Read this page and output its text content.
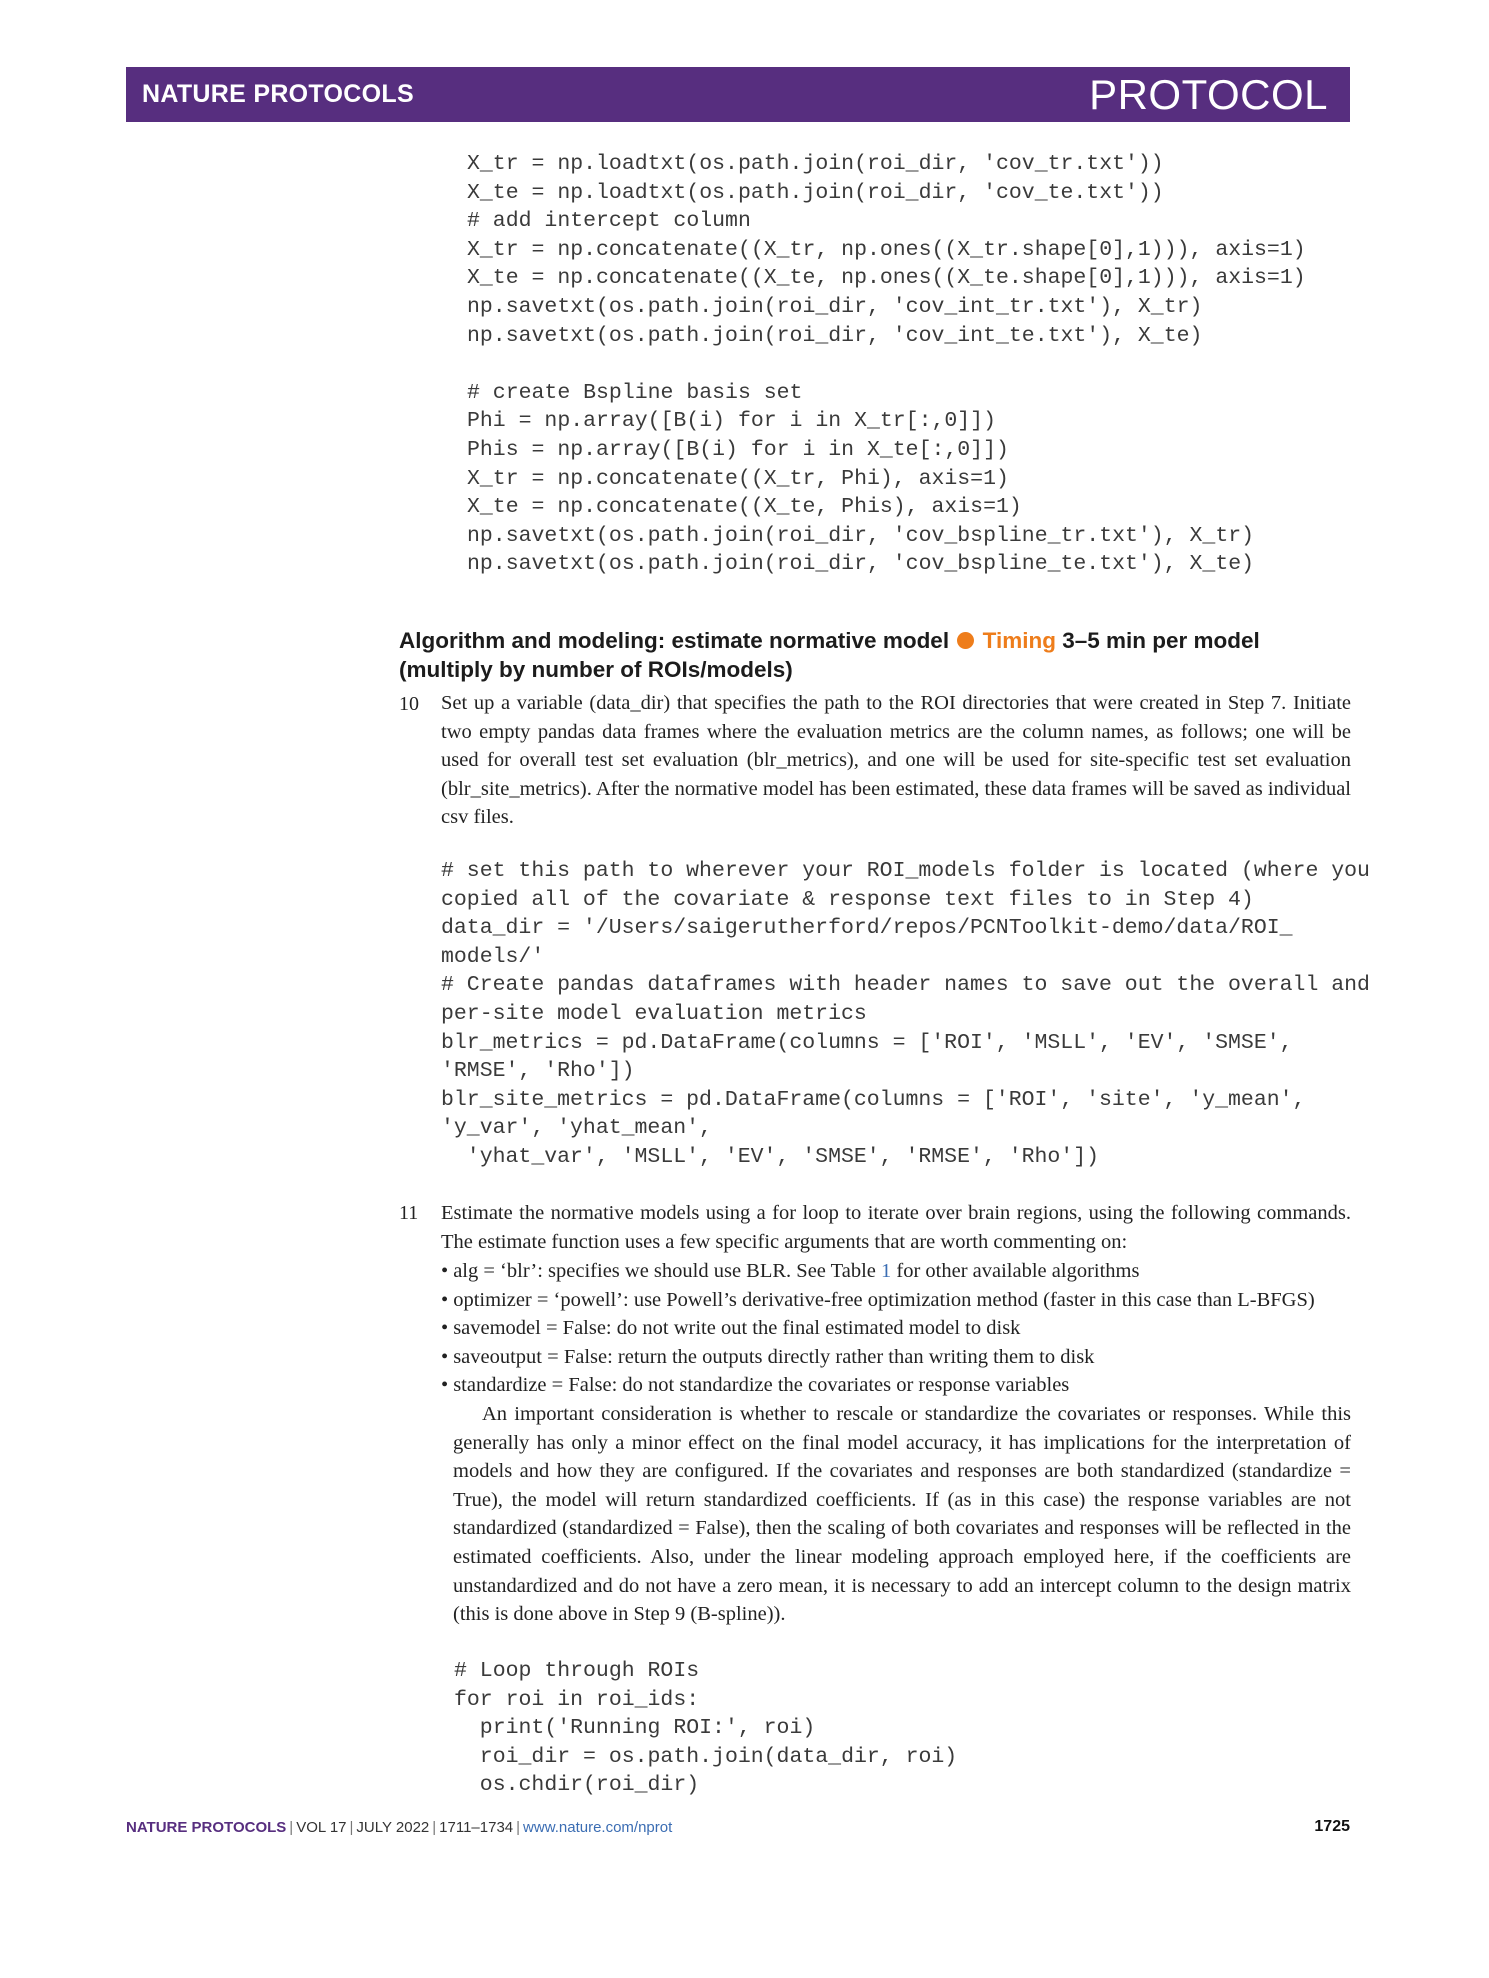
NATURE PROTOCOLS	PROTOCOL
X_tr = np.loadtxt(os.path.join(roi_dir, 'cov_tr.txt'))
X_te = np.loadtxt(os.path.join(roi_dir, 'cov_te.txt'))
# add intercept column
X_tr = np.concatenate((X_tr, np.ones((X_tr.shape[0],1))), axis=1)
X_te = np.concatenate((X_te, np.ones((X_te.shape[0],1))), axis=1)
np.savetxt(os.path.join(roi_dir, 'cov_int_tr.txt'), X_tr)
np.savetxt(os.path.join(roi_dir, 'cov_int_te.txt'), X_te)
# create Bspline basis set
Phi = np.array([B(i) for i in X_tr[:,0]])
Phis = np.array([B(i) for i in X_te[:,0]])
X_tr = np.concatenate((X_tr, Phi), axis=1)
X_te = np.concatenate((X_te, Phis), axis=1)
np.savetxt(os.path.join(roi_dir, 'cov_bspline_tr.txt'), X_tr)
np.savetxt(os.path.join(roi_dir, 'cov_bspline_te.txt'), X_te)
Algorithm and modeling: estimate normative model Timing 3–5 min per model (multiply by number of ROIs/models)
10 Set up a variable (data_dir) that specifies the path to the ROI directories that were created in Step 7. Initiate two empty pandas data frames where the evaluation metrics are the column names, as follows; one will be used for overall test set evaluation (blr_metrics), and one will be used for site-specific test set evaluation (blr_site_metrics). After the normative model has been estimated, these data frames will be saved as individual csv files.
# set this path to wherever your ROI_models folder is located (where you
copied all of the covariate & response text files to in Step 4)
data_dir = '/Users/saigerutherford/repos/PCNToolkit-demo/data/ROI_
models/'
# Create pandas dataframes with header names to save out the overall and
per-site model evaluation metrics
blr_metrics = pd.DataFrame(columns = ['ROI', 'MSLL', 'EV', 'SMSE',
'RMSE', 'Rho'])
blr_site_metrics = pd.DataFrame(columns = ['ROI', 'site', 'y_mean',
'y_var', 'yhat_mean',
'yhat_var', 'MSLL', 'EV', 'SMSE', 'RMSE', 'Rho'])
11 Estimate the normative models using a for loop to iterate over brain regions, using the following commands. The estimate function uses a few specific arguments that are worth commenting on:
• alg = ‘blr’: specifies we should use BLR. See Table 1 for other available algorithms
• optimizer = ‘powell’: use Powell’s derivative-free optimization method (faster in this case than L-BFGS)
• savemodel = False: do not write out the final estimated model to disk
• saveoutput = False: return the outputs directly rather than writing them to disk
• standardize = False: do not standardize the covariates or response variables
An important consideration is whether to rescale or standardize the covariates or responses. While this generally has only a minor effect on the final model accuracy, it has implications for the interpretation of models and how they are configured. If the covariates and responses are both standardized (standardize = True), the model will return standardized coefficients. If (as in this case) the response variables are not standardized (standardized = False), then the scaling of both covariates and responses will be reflected in the estimated coefficients. Also, under the linear modeling approach employed here, if the coefficients are unstandardized and do not have a zero mean, it is necessary to add an intercept column to the design matrix (this is done above in Step 9 (B-spline)).
# Loop through ROIs
for roi in roi_ids:
print('Running ROI:', roi)
roi_dir = os.path.join(data_dir, roi)
os.chdir(roi_dir)
NATURE PROTOCOLS | VOL 17 | JULY 2022 | 1711–1734 | www.nature.com/nprot	1725
